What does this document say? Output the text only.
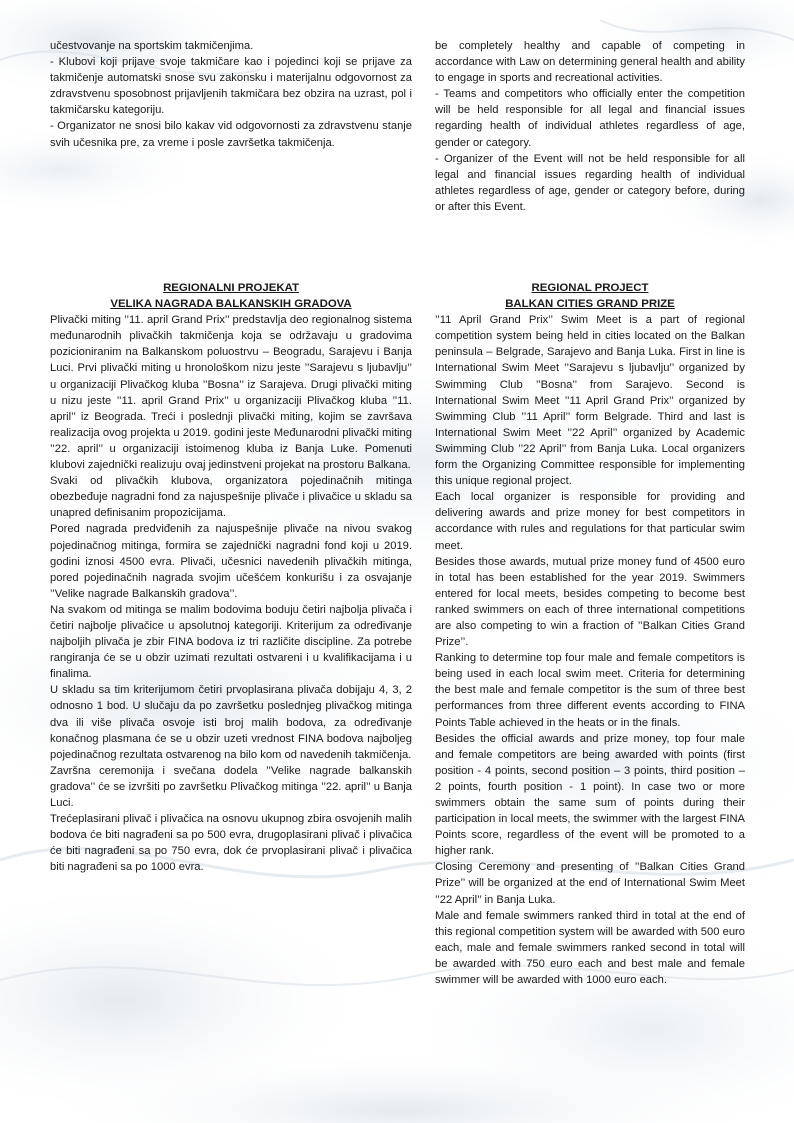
učestvovanje na sportskim takmičenjima.

- Klubovi koji prijave svoje takmičare kao i pojedinci koji se prijave za takmičenje automatski snose svu zakonsku i materijalnu odgovornost za zdravstvenu sposobnost prijavljenih takmičara bez obzira na uzrast, pol i takmičarsku kategoriju.

- Organizator ne snosi bilo kakav vid odgovornosti za zdravstvenu stanje svih učesnika pre, za vreme i posle završetka takmičenja.

be completely healthy and capable of competing in accordance with Law on determining general health and ability to engage in sports and recreational activities.

- Teams and competitors who officially enter the competition will be held responsible for all legal and financial issues regarding health of individual athletes regardless of age, gender or category.

- Organizer of the Event will not be held responsible for all legal and financial issues regarding health of individual athletes regardless of age, gender or category before, during or after this Event.

REGIONALNI PROJEKAT
VELIKA NAGRADA BALKANSKIH GRADOVA

Plivački miting ’’11. april Grand Prix’’ predstavlja deo regionalnog sistema međunarodnih plivačkih takmičenja koja se održavaju u gradovima pozicioniranim na Balkanskom poluostrvu – Beogradu, Sarajevu i Banja Luci. Prvi plivački miting u hronološkom nizu jeste ’’Sarajevu s ljubavlju’’ u organizaciji Plivačkog kluba ’’Bosna’’ iz Sarajeva. Drugi plivački miting u nizu jeste ’’11. april Grand Prix’’ u organizaciji Plivačkog kluba ’’11. april’’ iz Beograda. Treći i poslednji plivački miting, kojim se završava realizacija ovog projekta u 2019. godini jeste Međunarodni plivački miting ’’22. april’’ u organizaciji istoimenog kluba iz Banja Luke. Pomenuti klubovi zajednički realizuju ovaj jedinstveni projekat na prostoru Balkana.

Svaki od plivačkih klubova, organizatora pojedinačnih mitinga obezbeđuje nagradni fond za najuspešnije plivače i plivačice u skladu sa unapred definisanim propozicijama.

Pored nagrada predviđenih za najuspešnije plivače na nivou svakog pojedinačnog mitinga, formira se zajednički nagradni fond koji u 2019. godini iznosi 4500 evra. Plivači, učesnici navedenih plivačkih mitinga, pored pojedinačnih nagrada svojim učešćem konkurišu i za osvajanje ’’Velike nagrade Balkanskih gradova’’.

Na svakom od mitinga se malim bodovima boduju četiri najbolja plivača i četiri najbolje plivačice u apsolutnoj kategoriji. Kriterijum za određivanje najboljih plivača je zbir FINA bodova iz tri različite discipline. Za potrebe rangiranja će se u obzir uzimati rezultati ostvareni i u kvalifikacijama i u finalima.

U skladu sa tim kriterijumom četiri prvoplasirana plivača dobijaju 4, 3, 2 odnosno 1 bod. U slučaju da po završetku poslednjeg plivačkog mitinga dva ili više plivača osvoje isti broj malih bodova, za određivanje konačnog plasmana će se u obzir uzeti vrednost FINA bodova najboljeg pojedinačnog rezultata ostvarenog na bilo kom od navedenih takmičenja.

Završna ceremonija i svečana dodela ’’Velike nagrade balkanskih gradova’’ će se izvršiti po završetku Plivačkog mitinga ’’22. april’’ u Banja Luci.

Trećeplasirani plivač i plivačica na osnovu ukupnog zbira osvojenih malih bodova će biti nagrađeni sa po 500 evra, drugoplasirani plivač i plivačica će biti nagrađeni sa po 750 evra, dok će prvoplasirani plivač i plivačica biti nagrađeni sa po 1000 evra.

REGIONAL PROJECT
BALKAN CITIES GRAND PRIZE

’’11 April Grand Prix’’ Swim Meet is a part of regional competition system being held in cities located on the Balkan peninsula – Belgrade, Sarajevo and Banja Luka. First in line is International Swim Meet ’’Sarajevu s ljubavlju’’ organized by Swimming Club ’’Bosna’’ from Sarajevo. Second is International Swim Meet ’’11 April Grand Prix’’ organized by Swimming Club ’’11 April’’ form Belgrade. Third and last is International Swim Meet ’’22 April’’ organized by Academic Swimming Club ’’22 April’’ from Banja Luka. Local organizers form the Organizing Committee responsible for implementing this unique regional project.

Each local organizer is responsible for providing and delivering awards and prize money for best competitors in accordance with rules and regulations for that particular swim meet.

Besides those awards, mutual prize money fund of 4500 euro in total has been established for the year 2019. Swimmers entered for local meets, besides competing to become best ranked swimmers on each of three international competitions are also competing to win a fraction of ’’Balkan Cities Grand Prize’’.

Ranking to determine top four male and female competitors is being used in each local swim meet. Criteria for determining the best male and female competitor is the sum of three best performances from three different events according to FINA Points Table achieved in the heats or in the finals.

Besides the official awards and prize money, top four male and female competitors are being awarded with points (first position - 4 points, second position – 3 points, third position – 2 points, fourth position - 1 point). In case two or more swimmers obtain the same sum of points during their participation in local meets, the swimmer with the largest FINA Points score, regardless of the event will be promoted to a higher rank.

Closing Ceremony and presenting of ’’Balkan Cities Grand Prize’’ will be organized at the end of International Swim Meet ’’22 April’’ in Banja Luka.

Male and female swimmers ranked third in total at the end of this regional competition system will be awarded with 500 euro each, male and female swimmers ranked second in total will be awarded with 750 euro each and best male and female swimmer will be awarded with 1000 euro each.
